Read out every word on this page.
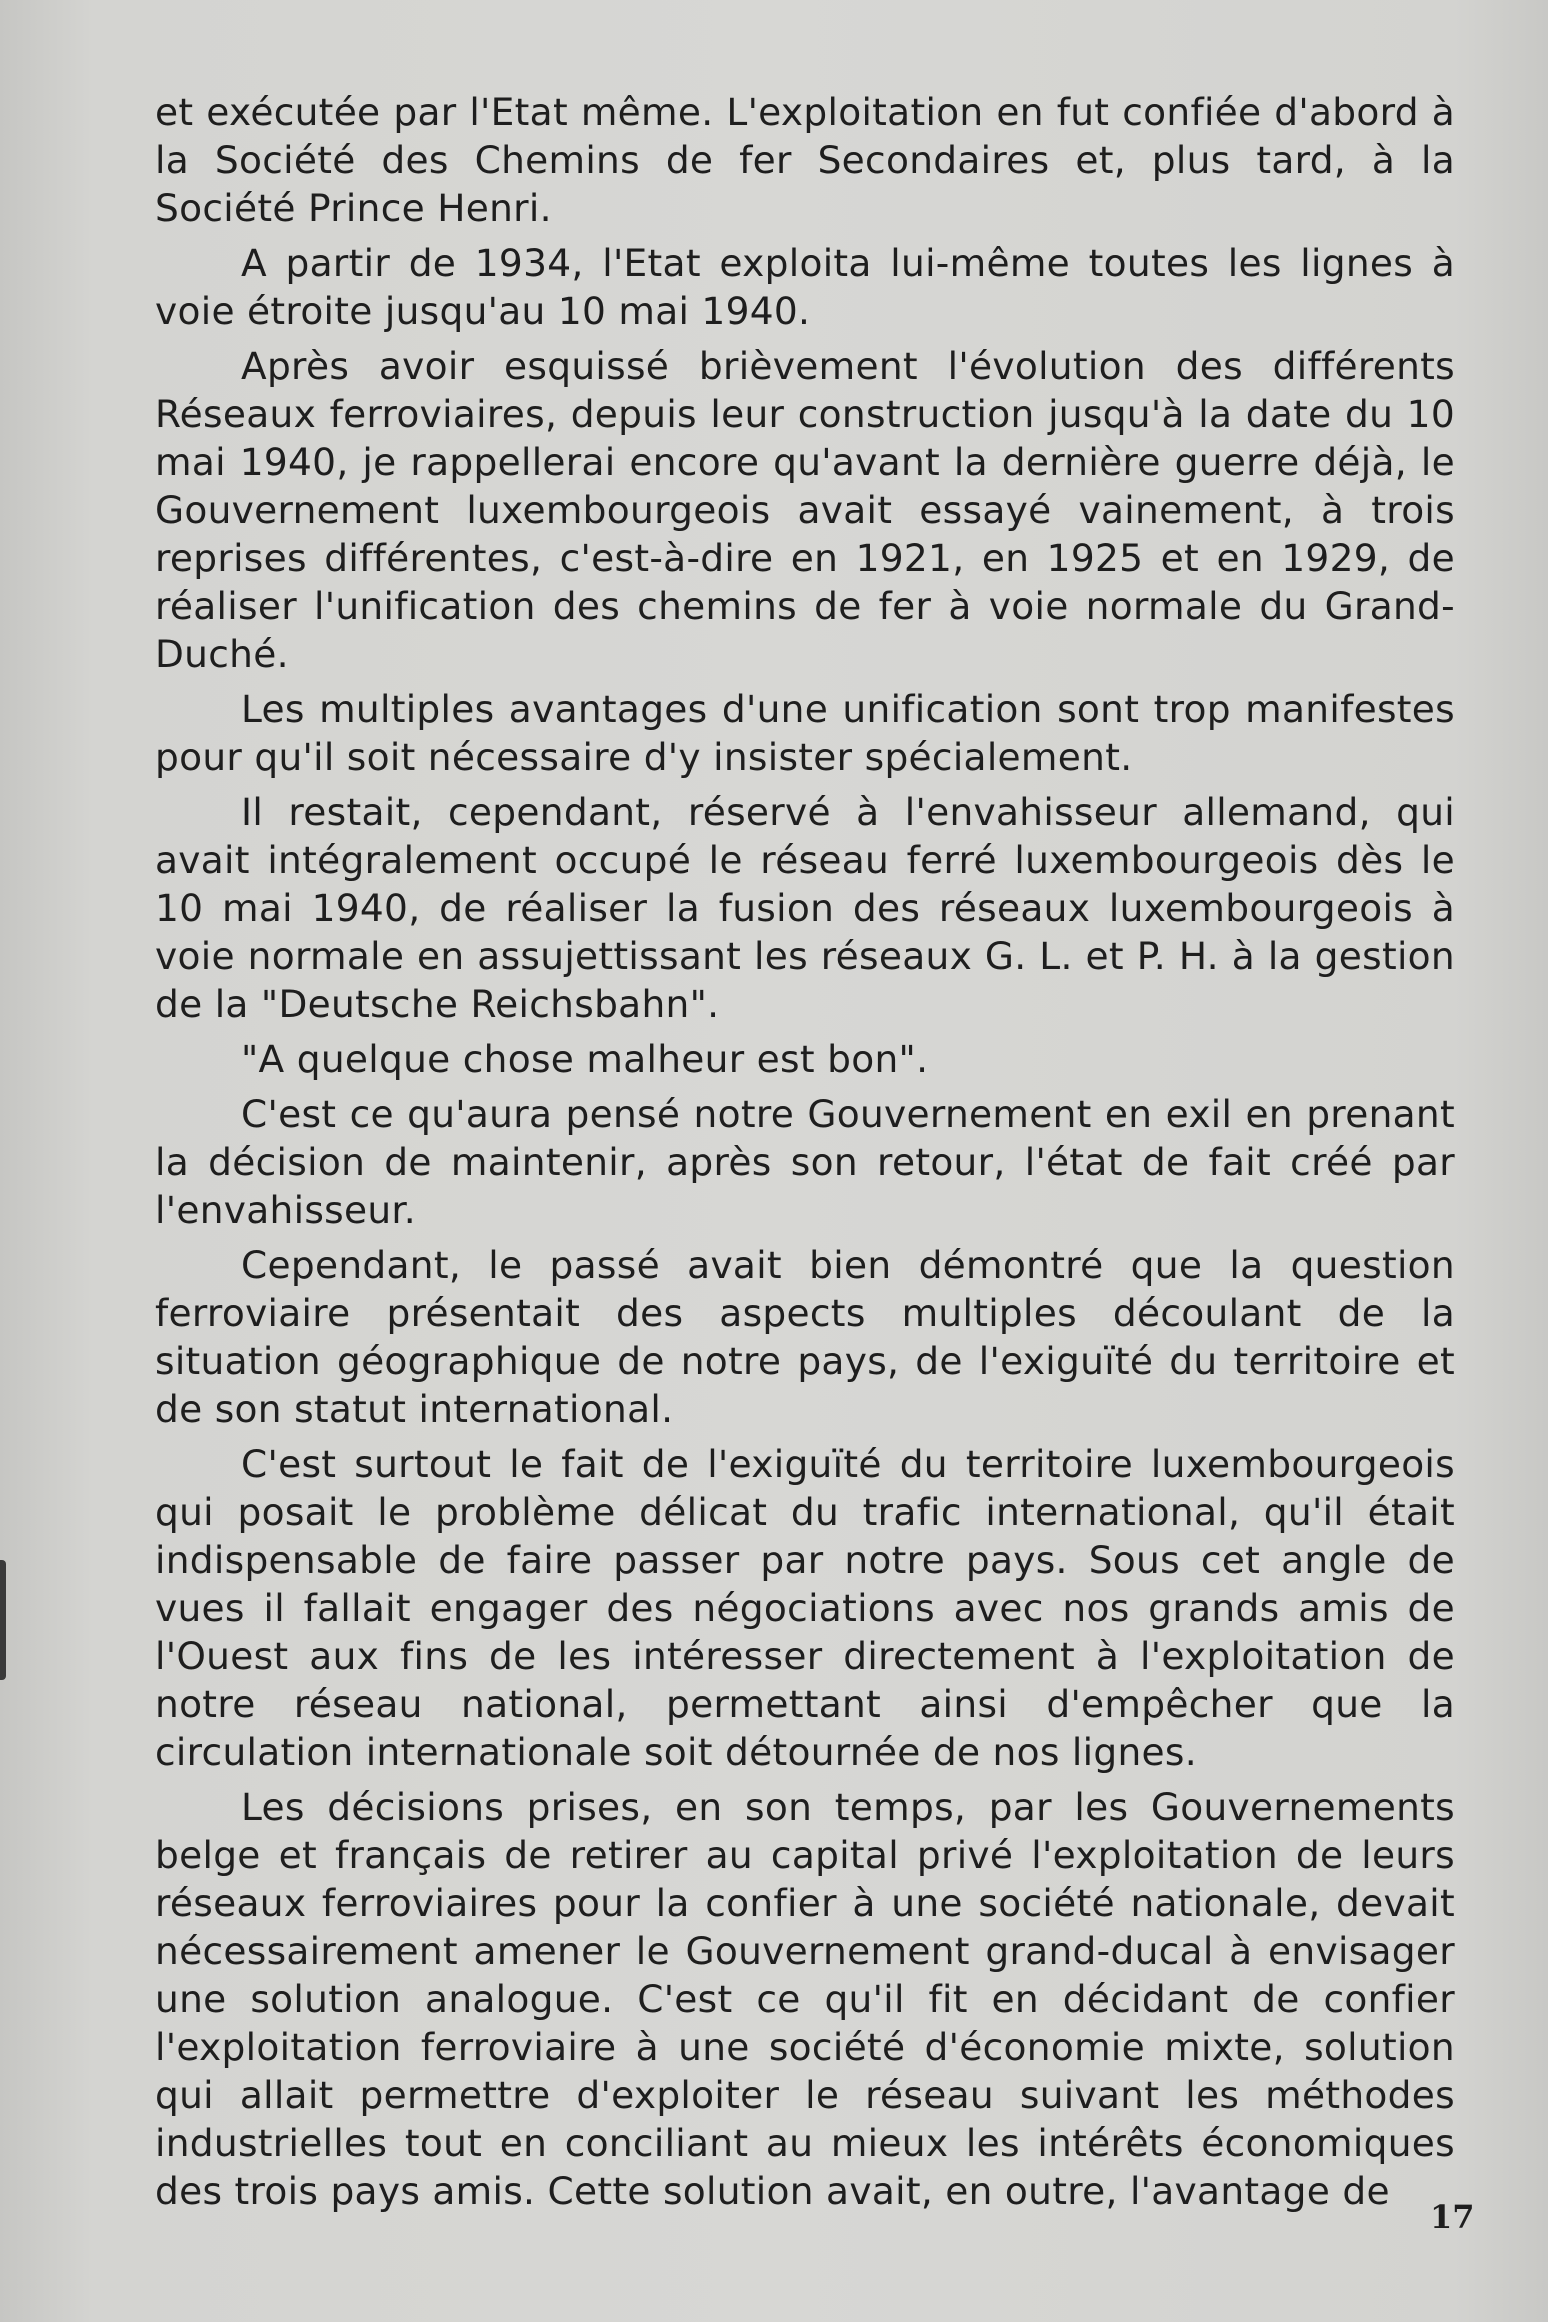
et exécutée par l'Etat même. L'exploitation en fut confiée d'abord à la Société des Chemins de fer Secondaires et, plus tard, à la Société Prince Henri.

A partir de 1934, l'Etat exploita lui-même toutes les lignes à voie étroite jusqu'au 10 mai 1940.

Après avoir esquissé brièvement l'évolution des différents Réseaux ferroviaires, depuis leur construction jusqu'à la date du 10 mai 1940, je rappellerai encore qu'avant la dernière guerre déjà, le Gouvernement luxembourgeois avait essayé vainement, à trois reprises différentes, c'est-à-dire en 1921, en 1925 et en 1929, de réaliser l'unification des chemins de fer à voie normale du Grand-Duché.

Les multiples avantages d'une unification sont trop manifestes pour qu'il soit nécessaire d'y insister spécialement.

Il restait, cependant, réservé à l'envahisseur allemand, qui avait intégralement occupé le réseau ferré luxembourgeois dès le 10 mai 1940, de réaliser la fusion des réseaux luxembourgeois à voie normale en assujettissant les réseaux G. L. et P. H. à la gestion de la "Deutsche Reichsbahn".

"A quelque chose malheur est bon".

C'est ce qu'aura pensé notre Gouvernement en exil en prenant la décision de maintenir, après son retour, l'état de fait créé par l'envahisseur.

Cependant, le passé avait bien démontré que la question ferroviaire présentait des aspects multiples découlant de la situation géographique de notre pays, de l'exiguïté du territoire et de son statut international.

C'est surtout le fait de l'exiguïté du territoire luxembourgeois qui posait le problème délicat du trafic international, qu'il était indispensable de faire passer par notre pays. Sous cet angle de vues il fallait engager des négociations avec nos grands amis de l'Ouest aux fins de les intéresser directement à l'exploitation de notre réseau national, permettant ainsi d'empêcher que la circulation internationale soit détournée de nos lignes.

Les décisions prises, en son temps, par les Gouvernements belge et français de retirer au capital privé l'exploitation de leurs réseaux ferroviaires pour la confier à une société nationale, devait nécessairement amener le Gouvernement grand-ducal à envisager une solution analogue. C'est ce qu'il fit en décidant de confier l'exploitation ferroviaire à une société d'économie mixte, solution qui allait permettre d'exploiter le réseau suivant les méthodes industrielles tout en conciliant au mieux les intérêts économiques des trois pays amis. Cette solution avait, en outre, l'avantage de

17
